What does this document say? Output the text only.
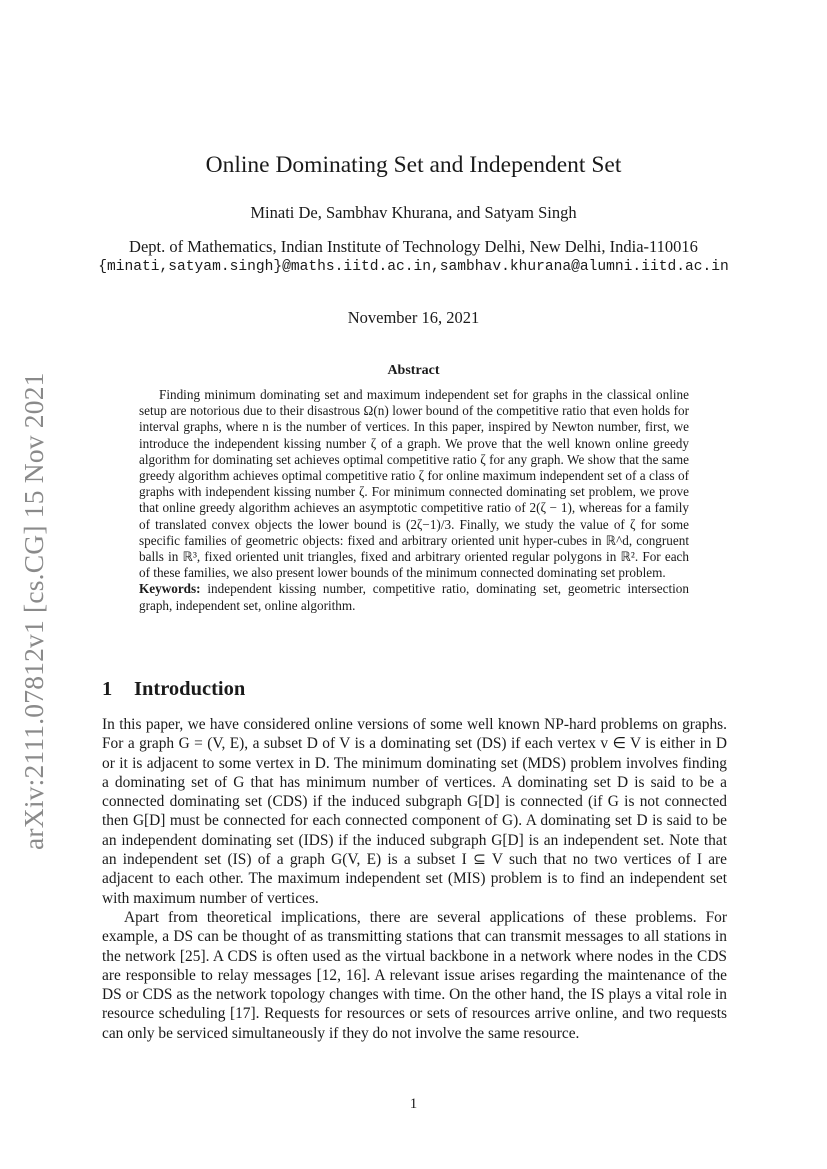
arXiv:2111.07812v1 [cs.CG] 15 Nov 2021
Online Dominating Set and Independent Set
Minati De, Sambhav Khurana, and Satyam Singh
Dept. of Mathematics, Indian Institute of Technology Delhi, New Delhi, India-110016
{minati,satyam.singh}@maths.iitd.ac.in,sambhav.khurana@alumni.iitd.ac.in
November 16, 2021
Abstract

Finding minimum dominating set and maximum independent set for graphs in the classical online setup are notorious due to their disastrous Ω(n) lower bound of the competitive ratio that even holds for interval graphs, where n is the number of vertices. In this paper, inspired by Newton number, first, we introduce the independent kissing number ζ of a graph. We prove that the well known online greedy algorithm for dominating set achieves optimal competitive ratio ζ for any graph. We show that the same greedy algorithm achieves optimal competitive ratio ζ for online maximum independent set of a class of graphs with independent kissing number ζ. For minimum connected dominating set problem, we prove that online greedy algorithm achieves an asymptotic competitive ratio of 2(ζ − 1), whereas for a family of translated convex objects the lower bound is (2ζ−1)/3. Finally, we study the value of ζ for some specific families of geometric objects: fixed and arbitrary oriented unit hyper-cubes in ℝ^d, congruent balls in ℝ³, fixed oriented unit triangles, fixed and arbitrary oriented regular polygons in ℝ². For each of these families, we also present lower bounds of the minimum connected dominating set problem.

Keywords: independent kissing number, competitive ratio, dominating set, geometric intersection graph, independent set, online algorithm.

1 Introduction

In this paper, we have considered online versions of some well known NP-hard problems on graphs. For a graph G = (V, E), a subset D of V is a dominating set (DS) if each vertex v ∈ V is either in D or it is adjacent to some vertex in D. The minimum dominating set (MDS) problem involves finding a dominating set of G that has minimum number of vertices. A dominating set D is said to be a connected dominating set (CDS) if the induced subgraph G[D] is connected (if G is not connected then G[D] must be connected for each connected component of G). A dominating set D is said to be an independent dominating set (IDS) if the induced subgraph G[D] is an independent set. Note that an independent set (IS) of a graph G(V, E) is a subset I ⊆ V such that no two vertices of I are adjacent to each other. The maximum independent set (MIS) problem is to find an independent set with maximum number of vertices.

Apart from theoretical implications, there are several applications of these problems. For example, a DS can be thought of as transmitting stations that can transmit messages to all stations in the network [25]. A CDS is often used as the virtual backbone in a network where nodes in the CDS are responsible to relay messages [12, 16]. A relevant issue arises regarding the maintenance of the DS or CDS as the network topology changes with time. On the other hand, the IS plays a vital role in resource scheduling [17]. Requests for resources or sets of resources arrive online, and two requests can only be serviced simultaneously if they do not involve the same resource.

1
